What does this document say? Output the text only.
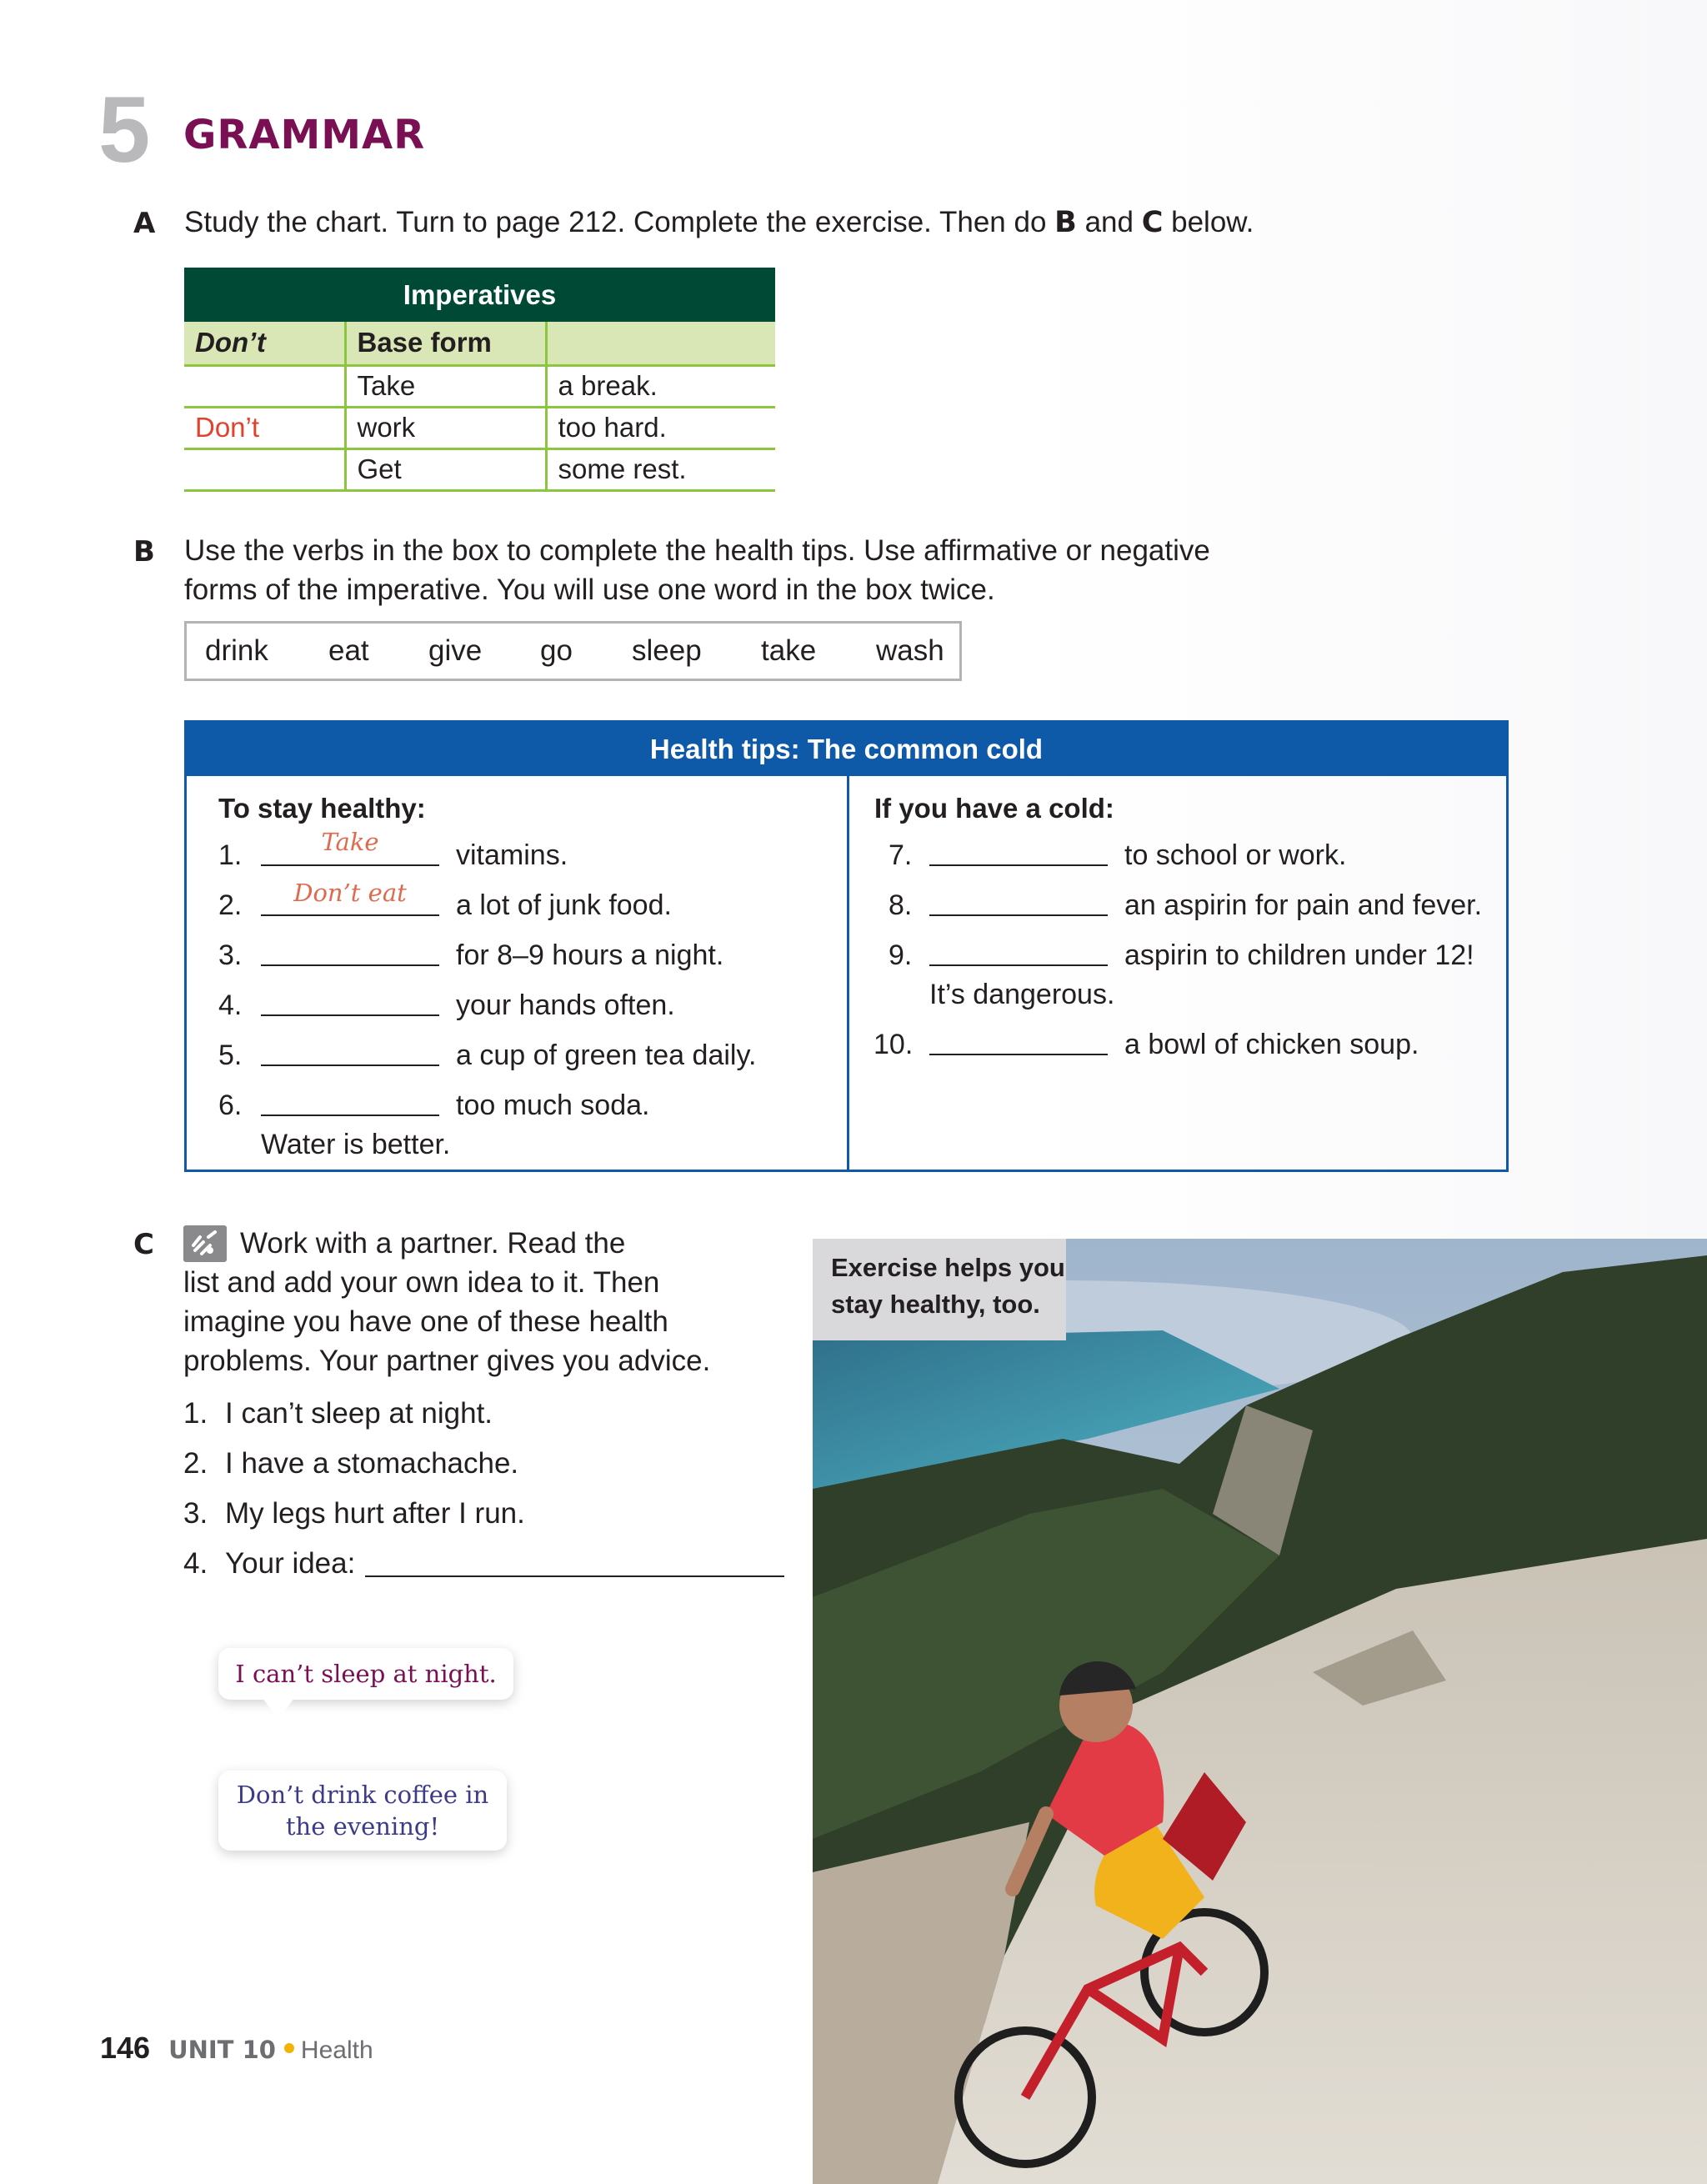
5 GRAMMAR
A Study the chart. Turn to page 212. Complete the exercise. Then do B and C below.
Imperatives		
Don’t	Base form	
	Take	a break.
Don’t	work	too hard.
	Get	some rest.
B Use the verbs in the box to complete the health tips. Use affirmative or negative
forms of the imperative. You will use one word in the box twice.
drink	eat	give	go	sleep	take	wash
Health tips: The common cold
To stay healthy:	If you have a cold:
1.	Take	vitamins.
2.	Don’t eat	a lot of junk food.
3.	for 8–9 hours a night.
4.	your hands often.
5.	a cup of green tea daily.
6.	too much soda.
Water is better.
7.	to school or work.
8.	an aspirin for pain and fever.
9.	aspirin to children under 12!
It’s dangerous.
10.	a bowl of chicken soup.
C	Work with a partner. Read the
list and add your own idea to it. Then
imagine you have one of these health
problems. Your partner gives you advice.
1. I can’t sleep at night.
2. I have a stomachache.
3. My legs hurt after I run.
4. Your idea:
I can’t sleep at night.
Don’t drink coffee in
the evening!
Exercise helps you
stay healthy, too.
146 UNIT 10 Health
